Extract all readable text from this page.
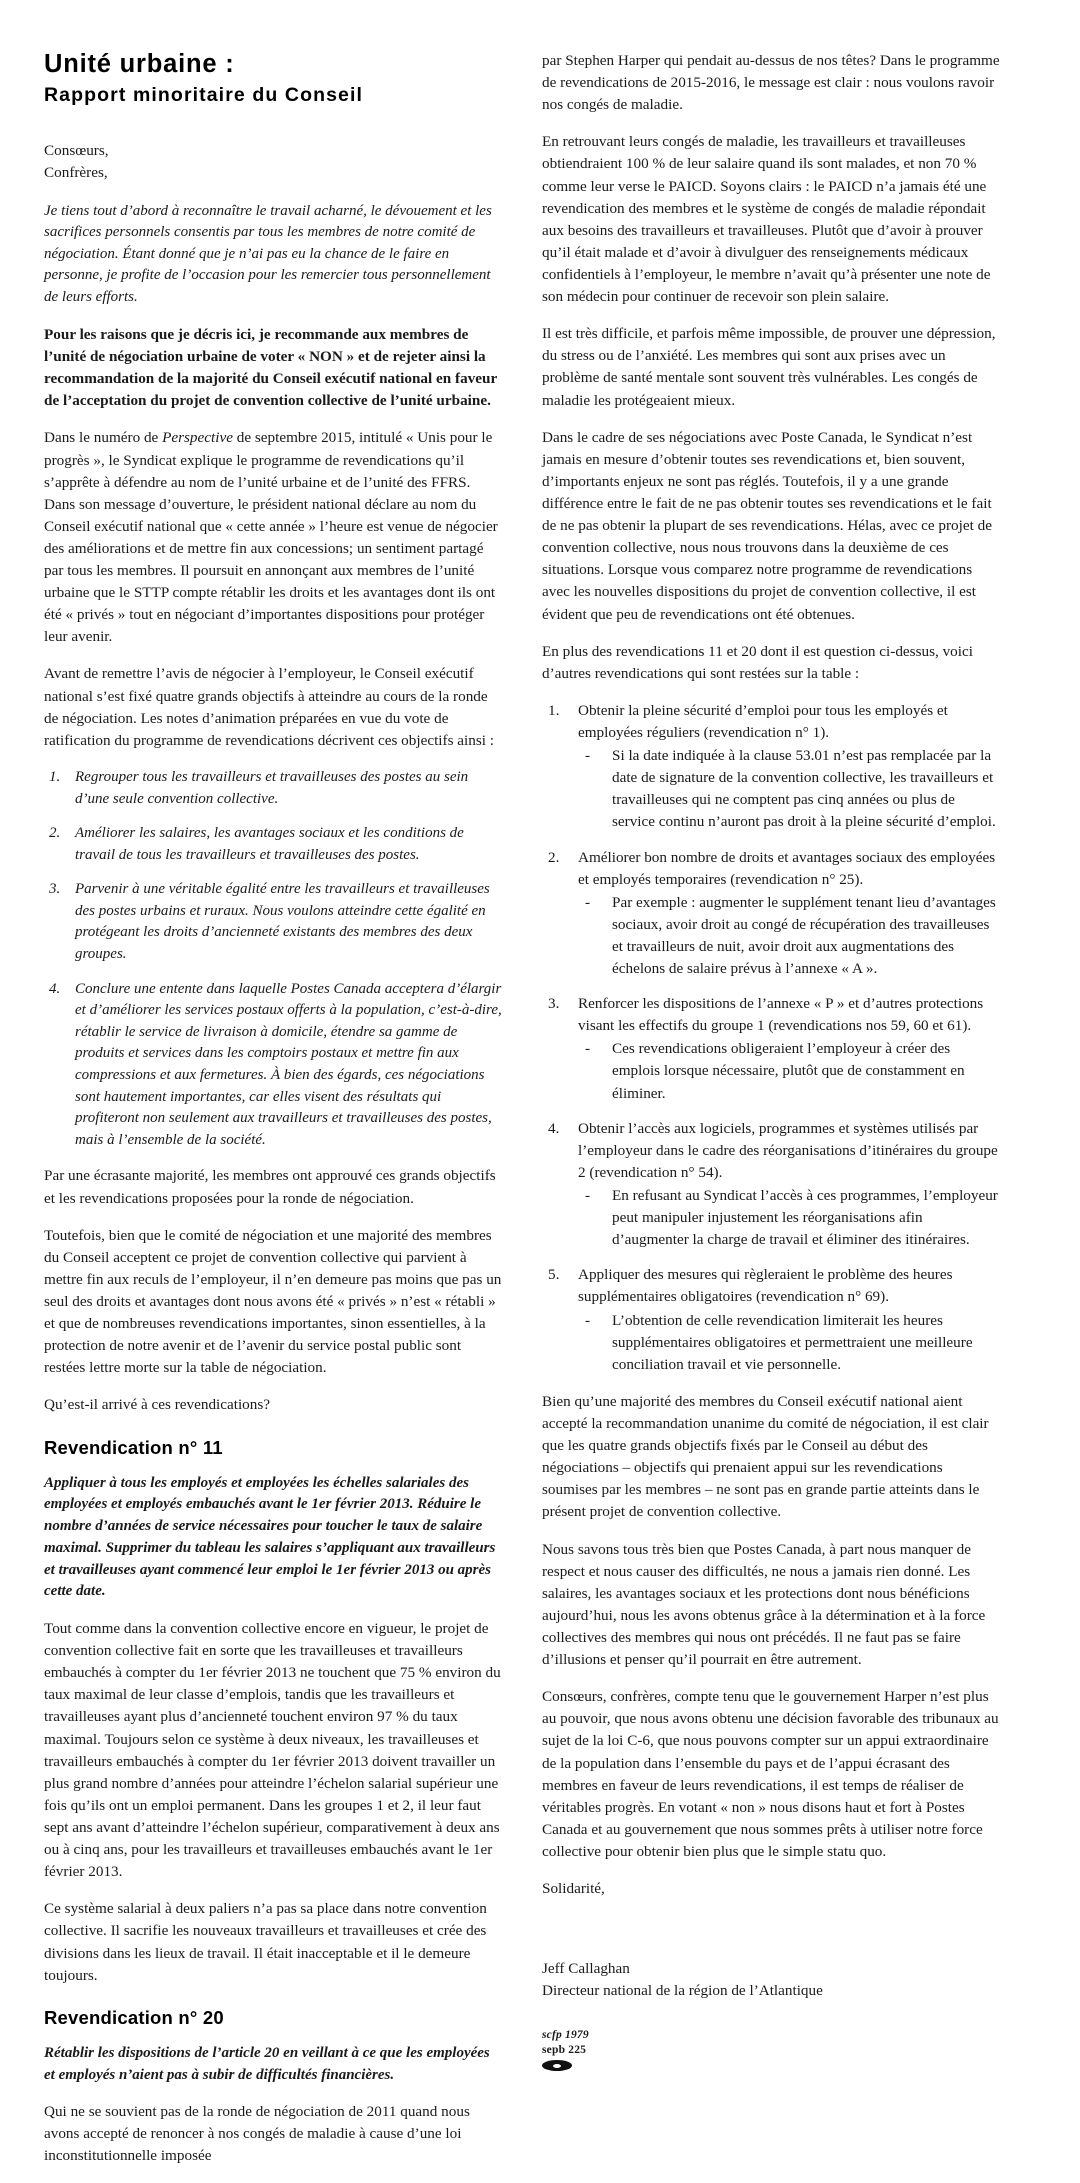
Unité urbaine :
Rapport minoritaire du Conseil
Consœurs,
Confrères,

Je tiens tout d’abord à reconnaître le travail acharné, le dévouement et les sacrifices personnels consentis par tous les membres de notre comité de négociation. Étant donné que je n’ai pas eu la chance de le faire en personne, je profite de l’occasion pour les remercier tous personnellement de leurs efforts.

Pour les raisons que je décris ici, je recommande aux membres de l’unité de négociation urbaine de voter « NON » et de rejeter ainsi la recommandation de la majorité du Conseil exécutif national en faveur de l’acceptation du projet de convention collective de l’unité urbaine.

Dans le numéro de Perspective de septembre 2015, intitulé « Unis pour le progrès », le Syndicat explique le programme de revendications qu’il s’apprête à défendre au nom de l’unité urbaine et de l’unité des FFRS. Dans son message d’ouverture, le président national déclare au nom du Conseil exécutif national que « cette année » l’heure est venue de négocier des améliorations et de mettre fin aux concessions; un sentiment partagé par tous les membres. Il poursuit en annonçant aux membres de l’unité urbaine que le STTP compte rétablir les droits et les avantages dont ils ont été « privés » tout en négociant d’importantes dispositions pour protéger leur avenir.

Avant de remettre l’avis de négocier à l’employeur, le Conseil exécutif national s’est fixé quatre grands objectifs à atteindre au cours de la ronde de négociation. Les notes d’animation préparées en vue du vote de ratification du programme de revendications décrivent ces objectifs ainsi :

1. Regrouper tous les travailleurs et travailleuses des postes au sein d’une seule convention collective.
2. Améliorer les salaires, les avantages sociaux et les conditions de travail de tous les travailleurs et travailleuses des postes.
3. Parvenir à une véritable égalité entre les travailleurs et travailleuses des postes urbains et ruraux. Nous voulons atteindre cette égalité en protégeant les droits d’ancienneté existants des membres des deux groupes.
4. Conclure une entente dans laquelle Postes Canada acceptera d’élargir et d’améliorer les services postaux offerts à la population, c’est-à-dire, rétablir le service de livraison à domicile, étendre sa gamme de produits et services dans les comptoirs postaux et mettre fin aux compressions et aux fermetures. À bien des égards, ces négociations sont hautement importantes, car elles visent des résultats qui profiteront non seulement aux travailleurs et travailleuses des postes, mais à l’ensemble de la société.

Par une écrasante majorité, les membres ont approuvé ces grands objectifs et les revendications proposées pour la ronde de négociation.

Toutefois, bien que le comité de négociation et une majorité des membres du Conseil acceptent ce projet de convention collective qui parvient à mettre fin aux reculs de l’employeur, il n’en demeure pas moins que pas un seul des droits et avantages dont nous avons été « privés » n’est « rétabli » et que de nombreuses revendications importantes, sinon essentielles, à la protection de notre avenir et de l’avenir du service postal public sont restées lettre morte sur la table de négociation.

Qu’est-il arrivé à ces revendications?

Revendication n° 11

Appliquer à tous les employés et employées les échelles salariales des employées et employés embauchés avant le 1er février 2013. Réduire le nombre d’années de service nécessaires pour toucher le taux de salaire maximal. Supprimer du tableau les salaires s’appliquant aux travailleurs et travailleuses ayant commencé leur emploi le 1er février 2013 ou après cette date.

Tout comme dans la convention collective encore en vigueur, le projet de convention collective fait en sorte que les travailleuses et travailleurs embauchés à compter du 1er février 2013 ne touchent que 75 % environ du taux maximal de leur classe d’emplois, tandis que les travailleurs et travailleuses ayant plus d’ancienneté touchent environ 97 % du taux maximal. Toujours selon ce système à deux niveaux, les travailleuses et travailleurs embauchés à compter du 1er février 2013 doivent travailler un plus grand nombre d’années pour atteindre l’échelon salarial supérieur une fois qu’ils ont un emploi permanent. Dans les groupes 1 et 2, il leur faut sept ans avant d’atteindre l’échelon supérieur, comparativement à deux ans ou à cinq ans, pour les travailleurs et travailleuses embauchés avant le 1er février 2013.

Ce système salarial à deux paliers n’a pas sa place dans notre convention collective. Il sacrifie les nouveaux travailleurs et travailleuses et crée des divisions dans les lieux de travail. Il était inacceptable et il le demeure toujours.

Revendication n° 20

Rétablir les dispositions de l’article 20 en veillant à ce que les employées et employés n’aient pas à subir de difficultés financières.

Qui ne se souvient pas de la ronde de négociation de 2011 quand nous avons accepté de renoncer à nos congés de maladie à cause d’une loi inconstitutionnelle imposée

par Stephen Harper qui pendait au-dessus de nos têtes? Dans le programme de revendications de 2015-2016, le message est clair : nous voulons ravoir nos congés de maladie.

En retrouvant leurs congés de maladie, les travailleurs et travailleuses obtiendraient 100 % de leur salaire quand ils sont malades, et non 70 % comme leur verse le PAICD. Soyons clairs : le PAICD n’a jamais été une revendication des membres et le système de congés de maladie répondait aux besoins des travailleurs et travailleuses. Plutôt que d’avoir à prouver qu’il était malade et d’avoir à divulguer des renseignements médicaux confidentiels à l’employeur, le membre n’avait qu’à présenter une note de son médecin pour continuer de recevoir son plein salaire.

Il est très difficile, et parfois même impossible, de prouver une dépression, du stress ou de l’anxiété. Les membres qui sont aux prises avec un problème de santé mentale sont souvent très vulnérables. Les congés de maladie les protégeaient mieux.

Dans le cadre de ses négociations avec Poste Canada, le Syndicat n’est jamais en mesure d’obtenir toutes ses revendications et, bien souvent, d’importants enjeux ne sont pas réglés. Toutefois, il y a une grande différence entre le fait de ne pas obtenir toutes ses revendications et le fait de ne pas obtenir la plupart de ses revendications. Hélas, avec ce projet de convention collective, nous nous trouvons dans la deuxième de ces situations. Lorsque vous comparez notre programme de revendications avec les nouvelles dispositions du projet de convention collective, il est évident que peu de revendications ont été obtenues.

En plus des revendications 11 et 20 dont il est question ci-dessus, voici d’autres revendications qui sont restées sur la table :

1. Obtenir la pleine sécurité d’emploi pour tous les employés et employées réguliers (revendication n° 1).
- Si la date indiquée à la clause 53.01 n’est pas remplacée par la date de signature de la convention collective, les travailleurs et travailleuses qui ne comptent pas cinq années ou plus de service continu n’auront pas droit à la pleine sécurité d’emploi.
2. Améliorer bon nombre de droits et avantages sociaux des employées et employés temporaires (revendication n° 25).
- Par exemple : augmenter le supplément tenant lieu d’avantages sociaux, avoir droit au congé de récupération des travailleuses et travailleurs de nuit, avoir droit aux augmentations des échelons de salaire prévus à l’annexe « A ».
3. Renforcer les dispositions de l’annexe « P » et d’autres protections visant les effectifs du groupe 1 (revendications nos 59, 60 et 61).
- Ces revendications obligeraient l’employeur à créer des emplois lorsque nécessaire, plutôt que de constamment en éliminer.
4. Obtenir l’accès aux logiciels, programmes et systèmes utilisés par l’employeur dans le cadre des réorganisations d’itinéraires du groupe 2 (revendication n° 54).
- En refusant au Syndicat l’accès à ces programmes, l’employeur peut manipuler injustement les réorganisations afin d’augmenter la charge de travail et éliminer des itinéraires.
5. Appliquer des mesures qui règleraient le problème des heures supplémentaires obligatoires (revendication n° 69).
- L’obtention de celle revendication limiterait les heures supplémentaires obligatoires et permettraient une meilleure conciliation travail et vie personnelle.

Bien qu’une majorité des membres du Conseil exécutif national aient accepté la recommandation unanime du comité de négociation, il est clair que les quatre grands objectifs fixés par le Conseil au début des négociations – objectifs qui prenaient appui sur les revendications soumises par les membres – ne sont pas en grande partie atteints dans le présent projet de convention collective.

Nous savons tous très bien que Postes Canada, à part nous manquer de respect et nous causer des difficultés, ne nous a jamais rien donné. Les salaires, les avantages sociaux et les protections dont nous bénéficions aujourd’hui, nous les avons obtenus grâce à la détermination et à la force collectives des membres qui nous ont précédés. Il ne faut pas se faire d’illusions et penser qu’il pourrait en être autrement.

Consœurs, confrères, compte tenu que le gouvernement Harper n’est plus au pouvoir, que nous avons obtenu une décision favorable des tribunaux au sujet de la loi C-6, que nous pouvons compter sur un appui extraordinaire de la population dans l’ensemble du pays et de l’appui écrasant des membres en faveur de leurs revendications, il est temps de réaliser de véritables progrès. En votant « non » nous disons haut et fort à Postes Canada et au gouvernement que nous sommes prêts à utiliser notre force collective pour obtenir bien plus que le simple statu quo.

Solidarité,

Jeff Callaghan

Directeur national de la région de l’Atlantique

scfp 1979
sepb 225
